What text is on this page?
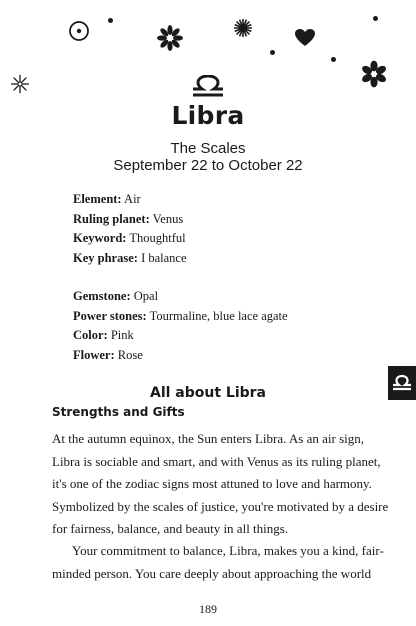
Libra
The Scales
September 22 to October 22
Element: Air
Ruling planet: Venus
Keyword: Thoughtful
Key phrase: I balance
Gemstone: Opal
Power stones: Tourmaline, blue lace agate
Color: Pink
Flower: Rose
All about Libra
Strengths and Gifts
At the autumn equinox, the Sun enters Libra. As an air sign,
Libra is sociable and smart, and with Venus as its ruling planet,
it's one of the zodiac signs most attuned to love and harmony.
Symbolized by the scales of justice, you're motivated by a desire
for fairness, balance, and beauty in all things.
Your commitment to balance, Libra, makes you a kind, fair-
minded person. You care deeply about approaching the world
189
